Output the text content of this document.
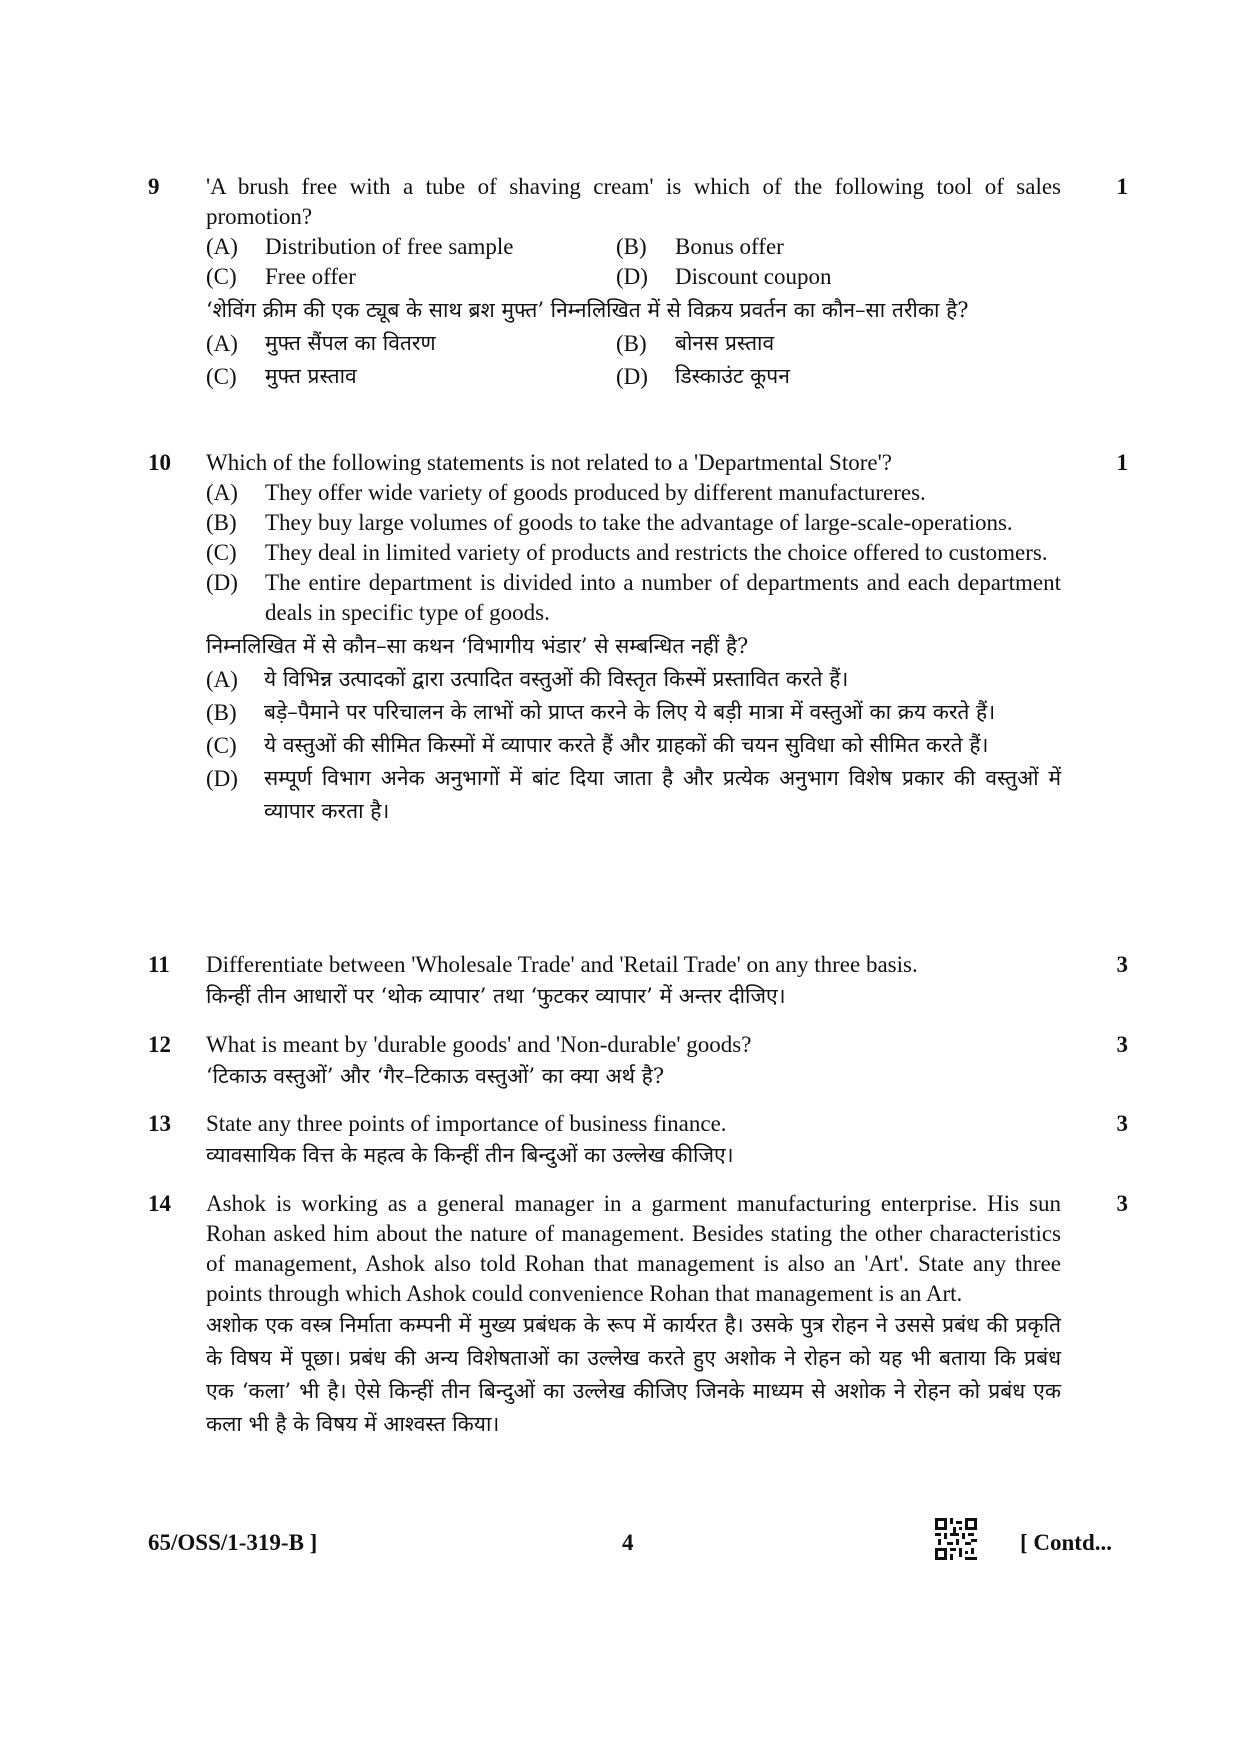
9	1

'A brush free with a tube of shaving cream' is which of the following tool of sales promotion?

(A)	Distribution of free sample	(B)	Bonus offer
(C)	Free offer	(D)	Discount coupon

‘शेविंग क्रीम की एक ट्यूब के साथ ब्रश मुफ्त’ निम्नलिखित में से विक्रय प्रवर्तन का कौन–सा तरीका है?

(A)	मुफ्त सैंपल का वितरण	(B)	बोनस प्रस्ताव
(C)	मुफ्त प्रस्ताव	(D)	डिस्काउंट कूपन
10	1

Which of the following statements is not related to a 'Departmental Store'?

(A)	They offer wide variety of goods produced by different manufactureres.
(B)	They buy large volumes of goods to take the advantage of large-scale-operations.
(C)	They deal in limited variety of products and restricts the choice offered to customers.
(D)	The entire department is divided into a number of departments and each department deals in specific type of goods.

निम्नलिखित में से कौन–सा कथन ‘विभागीय भंडार’ से सम्बन्धित नहीं है?

(A)	ये विभिन्न उत्पादकों द्वारा उत्पादित वस्तुओं की विस्तृत किस्में प्रस्तावित करते हैं।
(B)	बड़े–पैमाने पर परिचालन के लाभों को प्राप्त करने के लिए ये बड़ी मात्रा में वस्तुओं का क्रय करते हैं।
(C)	ये वस्तुओं की सीमित किस्मों में व्यापार करते हैं और ग्राहकों की चयन सुविधा को सीमित करते हैं।
(D)	सम्पूर्ण विभाग अनेक अनुभागों में बांट दिया जाता है और प्रत्येक अनुभाग विशेष प्रकार की वस्तुओं में व्यापार करता है।
11	3

Differentiate between 'Wholesale Trade' and 'Retail Trade' on any three basis.

किन्हीं तीन आधारों पर ‘थोक व्यापार’ तथा ‘फुटकर व्यापार’ में अन्तर दीजिए।

12	3

What is meant by 'durable goods' and 'Non-durable' goods?

‘टिकाऊ वस्तुओं’ और ‘गैर–टिकाऊ वस्तुओं’ का क्या अर्थ है?

13	3

State any three points of importance of business finance.

व्यावसायिक वित्त के महत्व के किन्हीं तीन बिन्दुओं का उल्लेख कीजिए।

14	3

Ashok is working as a general manager in a garment manufacturing enterprise. His sun Rohan asked him about the nature of management. Besides stating the other characteristics of management, Ashok also told Rohan that management is also an 'Art'. State any three points through which Ashok could convenience Rohan that management is an Art.

अशोक एक वस्त्र निर्माता कम्पनी में मुख्य प्रबंधक के रूप में कार्यरत है। उसके पुत्र रोहन ने उससे प्रबंध की प्रकृति के विषय में पूछा। प्रबंध की अन्य विशेषताओं का उल्लेख करते हुए अशोक ने रोहन को यह भी बताया कि प्रबंध एक ‘कला’ भी है। ऐसे किन्हीं तीन बिन्दुओं का उल्लेख कीजिए जिनके माध्यम से अशोक ने रोहन को प्रबंध एक कला भी है के विषय में आश्वस्त किया।

65/OSS/1-319-B ]	4	[ Contd...
